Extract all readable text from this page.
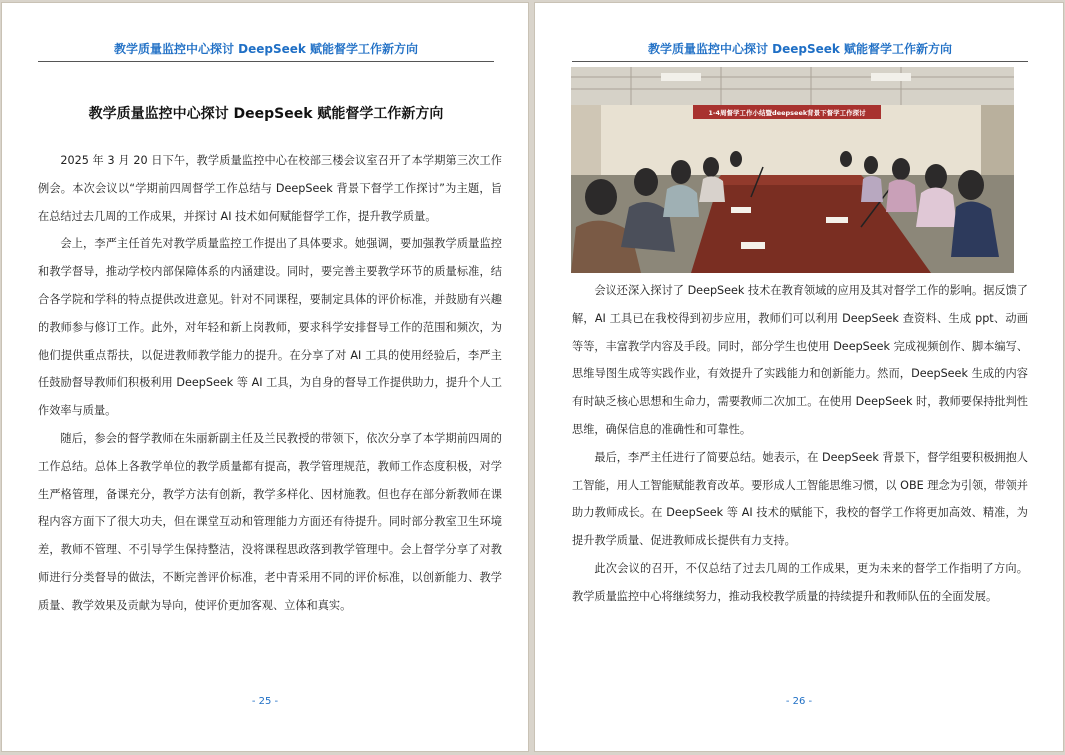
教学质量监控中心探讨 DeepSeek 赋能督学工作新方向
教学质量监控中心探讨 DeepSeek 赋能督学工作新方向

2025 年 3 月 20 日下午，教学质量监控中心在校部三楼会议室召开了本学期第三次工作例会。本次会议以“学期前四周督学工作总结与 DeepSeek 背景下督学工作探讨”为主题，旨在总结过去几周的工作成果，并探讨 AI 技术如何赋能督学工作，提升教学质量。

会上，李严主任首先对教学质量监控工作提出了具体要求。她强调，要加强教学质量监控和教学督导，推动学校内部保障体系的内涵建设。同时，要完善主要教学环节的质量标准，结合各学院和学科的特点提供改进意见。针对不同课程，要制定具体的评价标准，并鼓励有兴趣的教师参与修订工作。此外，对年轻和新上岗教师，要求科学安排督导工作的范围和频次，为他们提供重点帮扶，以促进教师教学能力的提升。在分享了对 AI 工具的使用经验后，李严主任鼓励督导教师们积极利用 DeepSeek 等 AI 工具，为自身的督导工作提供助力，提升个人工作效率与质量。

随后，参会的督学教师在朱丽新副主任及兰民教授的带领下，依次分享了本学期前四周的工作总结。总体上各教学单位的教学质量都有提高，教学管理规范，教师工作态度积极，对学生严格管理，备课充分，教学方法有创新，教学多样化、因材施教。但也存在部分新教师在课程内容方面下了很大功夫，但在课堂互动和管理能力方面还有待提升。同时部分教室卫生环境差，教师不管理、不引导学生保持整洁，没将课程思政落到教学管理中。会上督学分享了对教师进行分类督导的做法，不断完善评价标准，老中青采用不同的评价标准，以创新能力、教学质量、教学效果及贡献为导向，使评价更加客观、立体和真实。

- 25 -
教学质量监控中心探讨 DeepSeek 赋能督学工作新方向
1-4周督学工作小结暨deepseek背景下督学工作探讨

会议还深入探讨了 DeepSeek 技术在教育领域的应用及其对督学工作的影响。据反馈了解，AI 工具已在我校得到初步应用，教师们可以利用 DeepSeek 查资料、生成 ppt、动画等等，丰富教学内容及手段。同时，部分学生也使用 DeepSeek 完成视频创作、脚本编写、思维导图生成等实践作业，有效提升了实践能力和创新能力。然而，DeepSeek 生成的内容有时缺乏核心思想和生命力，需要教师二次加工。在使用 DeepSeek 时，教师要保持批判性思维，确保信息的准确性和可靠性。

最后，李严主任进行了简要总结。她表示，在 DeepSeek 背景下，督学组要积极拥抱人工智能，用人工智能赋能教育改革。要形成人工智能思维习惯，以 OBE 理念为引领，带领并助力教师成长。在 DeepSeek 等 AI 技术的赋能下，我校的督学工作将更加高效、精准，为提升教学质量、促进教师成长提供有力支持。

此次会议的召开，不仅总结了过去几周的工作成果，更为未来的督学工作指明了方向。教学质量监控中心将继续努力，推动我校教学质量的持续提升和教师队伍的全面发展。

- 26 -
